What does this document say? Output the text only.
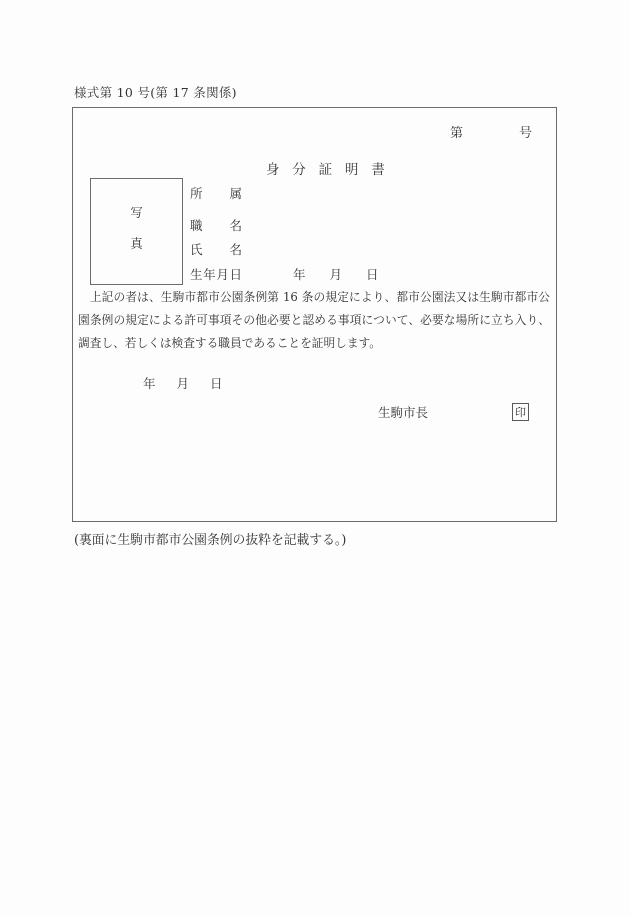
様式第 10 号(第 17 条関係)
第	号
身分証明書
写
真
所属
職名
氏名
生年月日	年 月 日
　上記の者は、生駒市都市公園条例第 16 条の規定により、都市公園法又は生駒市都市公
園条例の規定による許可事項その他必要と認める事項について、必要な場所に立ち入り、
調査し、若しくは検査する職員であることを証明します。
年 月 日
生駒市長	印
(裏面に生駒市都市公園条例の抜粋を記載する。)
